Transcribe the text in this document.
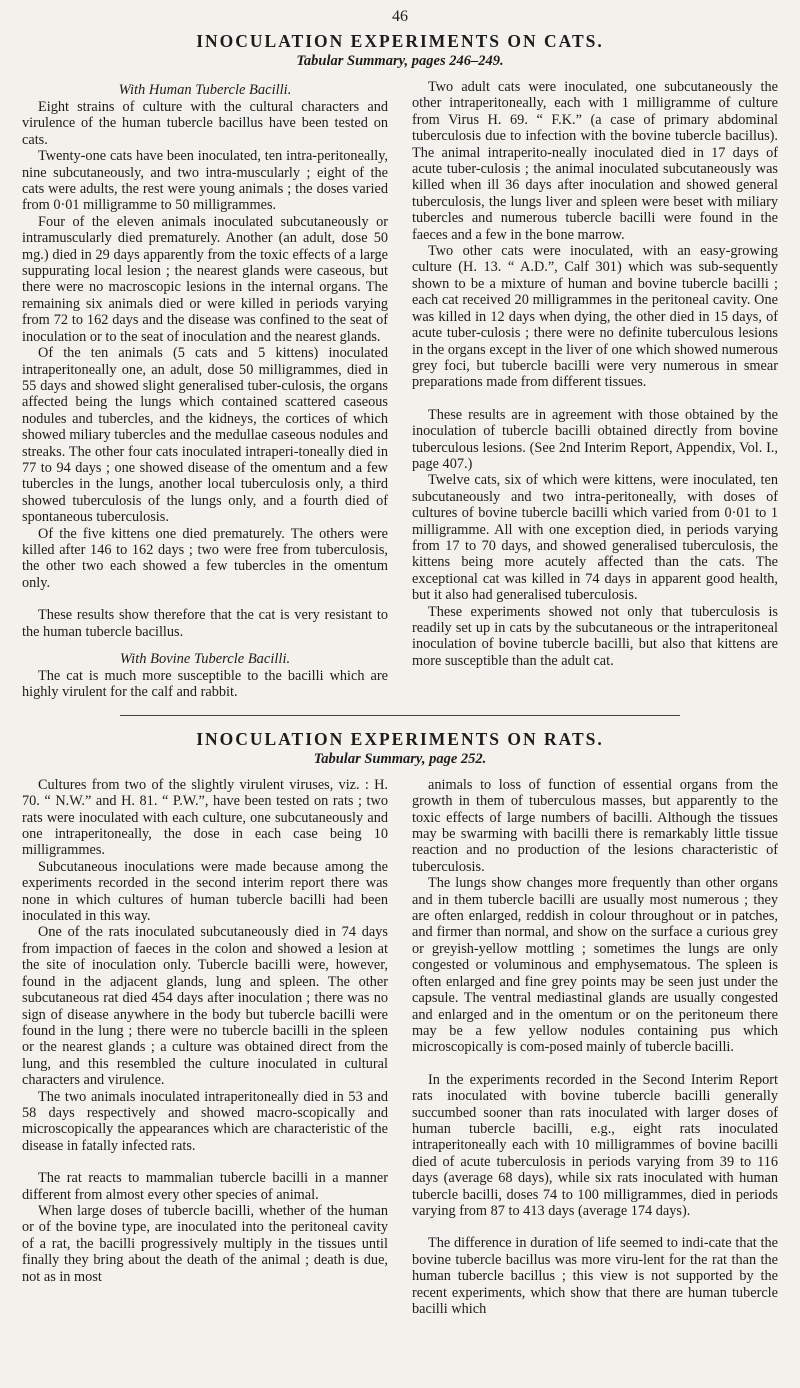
46
INOCULATION EXPERIMENTS ON CATS.
Tabular Summary, pages 246–249.
With Human Tubercle Bacilli.

Eight strains of culture with the cultural characters and virulence of the human tubercle bacillus have been tested on cats.

Twenty-one cats have been inoculated, ten intra-peritoneally, nine subcutaneously, and two intra-muscularly ; eight of the cats were adults, the rest were young animals ; the doses varied from 0·01 milligramme to 50 milligrammes.

Four of the eleven animals inoculated subcutaneously or intramuscularly died prematurely. Another (an adult, dose 50 mg.) died in 29 days apparently from the toxic effects of a large suppurating local lesion ; the nearest glands were caseous, but there were no macroscopic lesions in the internal organs. The remaining six animals died or were killed in periods varying from 72 to 162 days and the disease was confined to the seat of inoculation or to the seat of inoculation and the nearest glands.

Of the ten animals (5 cats and 5 kittens) inoculated intraperitoneally one, an adult, dose 50 milligrammes, died in 55 days and showed slight generalised tuber-culosis, the organs affected being the lungs which contained scattered caseous nodules and tubercles, and the kidneys, the cortices of which showed miliary tubercles and the medullae caseous nodules and streaks. The other four cats inoculated intraperi-toneally died in 77 to 94 days ; one showed disease of the omentum and a few tubercles in the lungs, another local tuberculosis only, a third showed tuberculosis of the lungs only, and a fourth died of spontaneous tuberculosis.

Of the five kittens one died prematurely. The others were killed after 146 to 162 days ; two were free from tuberculosis, the other two each showed a few tubercles in the omentum only.

These results show therefore that the cat is very resistant to the human tubercle bacillus.

With Bovine Tubercle Bacilli.

The cat is much more susceptible to the bacilli which are highly virulent for the calf and rabbit.

Two adult cats were inoculated, one subcutaneously the other intraperitoneally, each with 1 milligramme of culture from Virus H. 69. “ F.K.” (a case of primary abdominal tuberculosis due to infection with the bovine tubercle bacillus). The animal intraperito-neally inoculated died in 17 days of acute tuber-culosis ; the animal inoculated subcutaneously was killed when ill 36 days after inoculation and showed general tuberculosis, the lungs liver and spleen were beset with miliary tubercles and numerous tubercle bacilli were found in the faeces and a few in the bone marrow.

Two other cats were inoculated, with an easy-growing culture (H. 13. “ A.D.”, Calf 301) which was sub-sequently shown to be a mixture of human and bovine tubercle bacilli ; each cat received 20 milligrammes in the peritoneal cavity. One was killed in 12 days when dying, the other died in 15 days, of acute tuber-culosis ; there were no definite tuberculous lesions in the organs except in the liver of one which showed numerous grey foci, but tubercle bacilli were very numerous in smear preparations made from different tissues.

These results are in agreement with those obtained by the inoculation of tubercle bacilli obtained directly from bovine tuberculous lesions. (See 2nd Interim Report, Appendix, Vol. I., page 407.)

Twelve cats, six of which were kittens, were inoculated, ten subcutaneously and two intra-peritoneally, with doses of cultures of bovine tubercle bacilli which varied from 0·01 to 1 milligramme. All with one exception died, in periods varying from 17 to 70 days, and showed generalised tuberculosis, the kittens being more acutely affected than the cats. The exceptional cat was killed in 74 days in apparent good health, but it also had generalised tuberculosis.

These experiments showed not only that tuberculosis is readily set up in cats by the subcutaneous or the intraperitoneal inoculation of bovine tubercle bacilli, but also that kittens are more susceptible than the adult cat.

INOCULATION EXPERIMENTS ON RATS.
Tabular Summary, page 252.

Cultures from two of the slightly virulent viruses, viz. : H. 70. “ N.W.” and H. 81. “ P.W.”, have been tested on rats ; two rats were inoculated with each culture, one subcutaneously and one intraperitoneally, the dose in each case being 10 milligrammes.

Subcutaneous inoculations were made because among the experiments recorded in the second interim report there was none in which cultures of human tubercle bacilli had been inoculated in this way.

One of the rats inoculated subcutaneously died in 74 days from impaction of faeces in the colon and showed a lesion at the site of inoculation only. Tubercle bacilli were, however, found in the adjacent glands, lung and spleen. The other subcutaneous rat died 454 days after inoculation ; there was no sign of disease anywhere in the body but tubercle bacilli were found in the lung ; there were no tubercle bacilli in the spleen or the nearest glands ; a culture was obtained direct from the lung, and this resembled the culture inoculated in cultural characters and virulence.

The two animals inoculated intraperitoneally died in 53 and 58 days respectively and showed macro-scopically and microscopically the appearances which are characteristic of the disease in fatally infected rats.

The rat reacts to mammalian tubercle bacilli in a manner different from almost every other species of animal.

When large doses of tubercle bacilli, whether of the human or of the bovine type, are inoculated into the peritoneal cavity of a rat, the bacilli progressively multiply in the tissues until finally they bring about the death of the animal ; death is due, not as in most

animals to loss of function of essential organs from the growth in them of tuberculous masses, but apparently to the toxic effects of large numbers of bacilli. Although the tissues may be swarming with bacilli there is remarkably little tissue reaction and no production of the lesions characteristic of tuberculosis.

The lungs show changes more frequently than other organs and in them tubercle bacilli are usually most numerous ; they are often enlarged, reddish in colour throughout or in patches, and firmer than normal, and show on the surface a curious grey or greyish-yellow mottling ; sometimes the lungs are only congested or voluminous and emphysematous. The spleen is often enlarged and fine grey points may be seen just under the capsule. The ventral mediastinal glands are usually congested and enlarged and in the omentum or on the peritoneum there may be a few yellow nodules containing pus which microscopically is com-posed mainly of tubercle bacilli.

In the experiments recorded in the Second Interim Report rats inoculated with bovine tubercle bacilli generally succumbed sooner than rats inoculated with larger doses of human tubercle bacilli, e.g., eight rats inoculated intraperitoneally each with 10 milligrammes of bovine bacilli died of acute tuberculosis in periods varying from 39 to 116 days (average 68 days), while six rats inoculated with human tubercle bacilli, doses 74 to 100 milligrammes, died in periods varying from 87 to 413 days (average 174 days).

The difference in duration of life seemed to indi-cate that the bovine tubercle bacillus was more viru-lent for the rat than the human tubercle bacillus ; this view is not supported by the recent experiments, which show that there are human tubercle bacilli which
